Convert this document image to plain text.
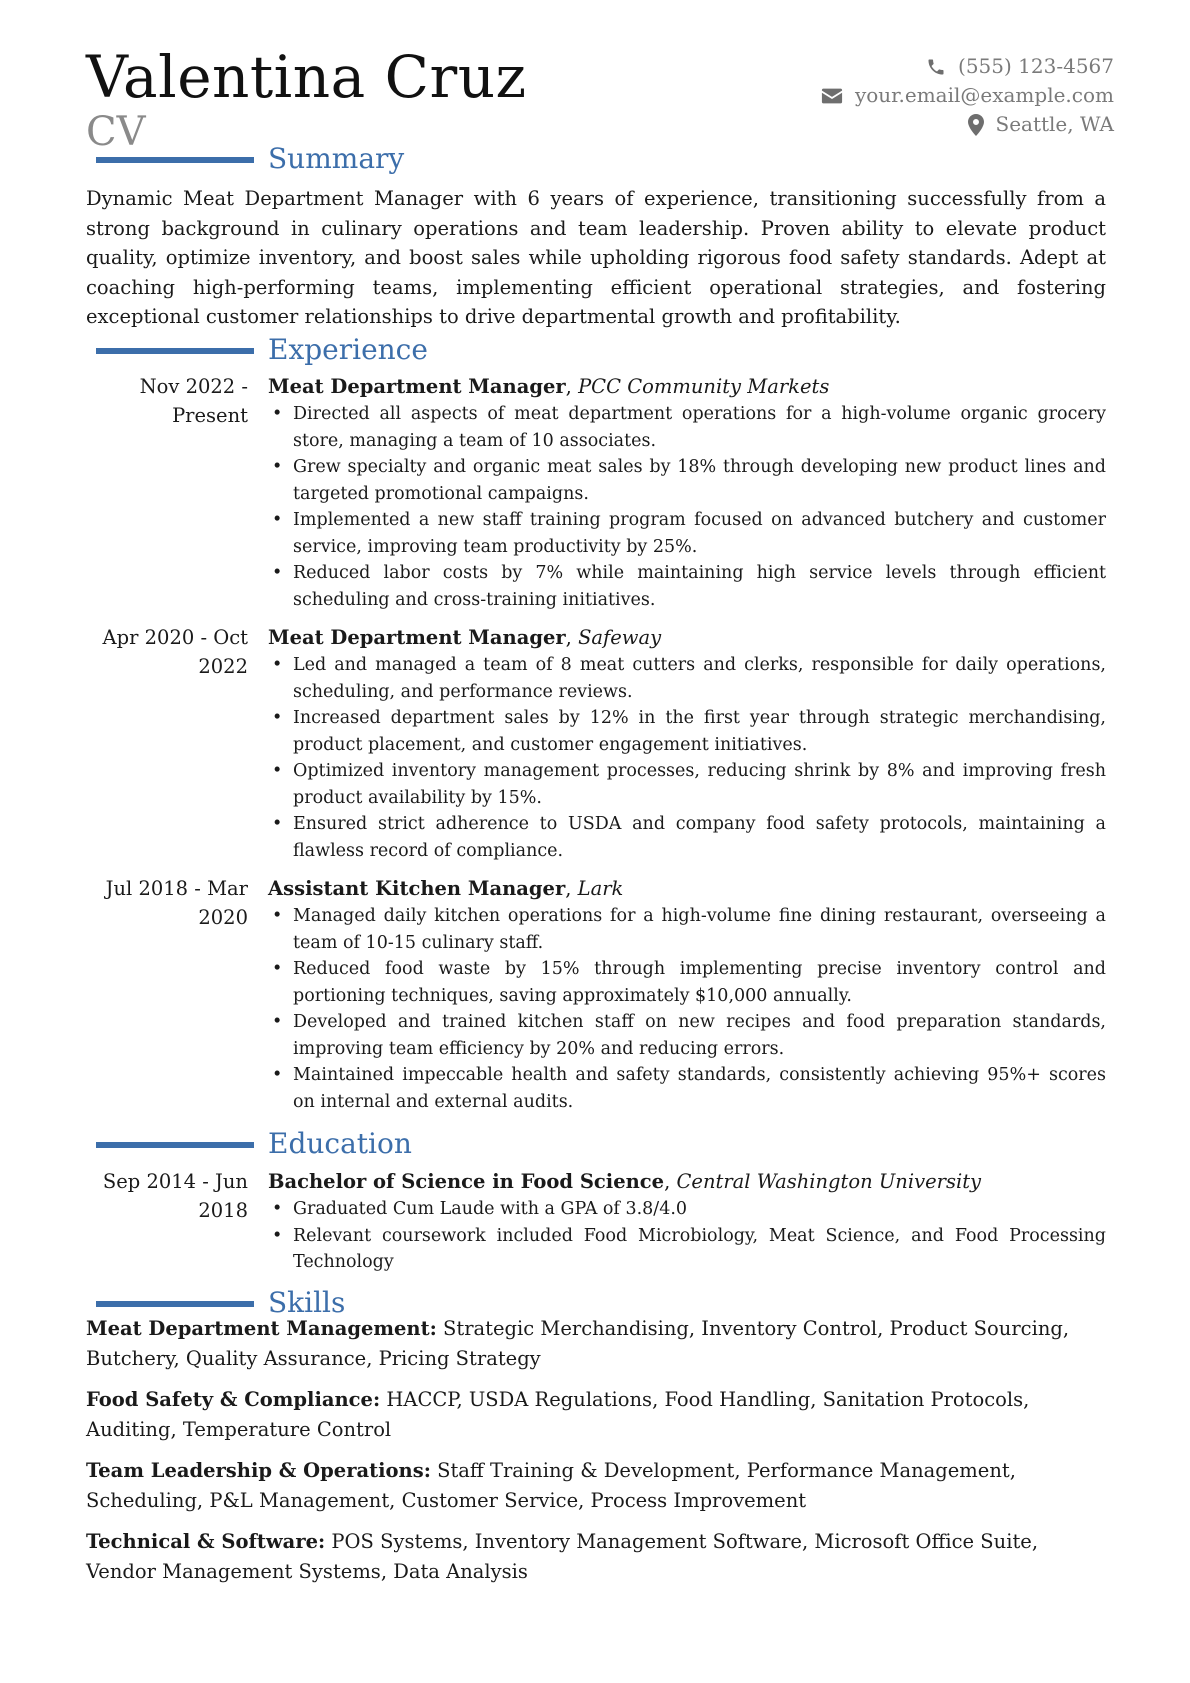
Valentina Cruz
CV
(555) 123-4567
your.email@example.com
Seattle, WA
Summary
Dynamic Meat Department Manager with 6 years of experience, transitioning successfully from a strong background in culinary operations and team leadership. Proven ability to elevate product quality, optimize inventory, and boost sales while upholding rigorous food safety standards. Adept at coaching high-performing teams, implementing efficient operational strategies, and fostering exceptional customer relationships to drive departmental growth and profitability.
Experience
Nov 2022 - Present
Meat Department Manager, PCC Community Markets
• Directed all aspects of meat department operations for a high-volume organic grocery store, managing a team of 10 associates.
• Grew specialty and organic meat sales by 18% through developing new product lines and targeted promotional campaigns.
• Implemented a new staff training program focused on advanced butchery and customer service, improving team productivity by 25%.
• Reduced labor costs by 7% while maintaining high service levels through efficient scheduling and cross-training initiatives.
Apr 2020 - Oct 2022
Meat Department Manager, Safeway
• Led and managed a team of 8 meat cutters and clerks, responsible for daily operations, scheduling, and performance reviews.
• Increased department sales by 12% in the first year through strategic merchandising, product placement, and customer engagement initiatives.
• Optimized inventory management processes, reducing shrink by 8% and improving fresh product availability by 15%.
• Ensured strict adherence to USDA and company food safety protocols, maintaining a flawless record of compliance.
Jul 2018 - Mar 2020
Assistant Kitchen Manager, Lark
• Managed daily kitchen operations for a high-volume fine dining restaurant, overseeing a team of 10-15 culinary staff.
• Reduced food waste by 15% through implementing precise inventory control and portioning techniques, saving approximately $10,000 annually.
• Developed and trained kitchen staff on new recipes and food preparation standards, improving team efficiency by 20% and reducing errors.
• Maintained impeccable health and safety standards, consistently achieving 95%+ scores on internal and external audits.
Education
Sep 2014 - Jun 2018
Bachelor of Science in Food Science, Central Washington University
• Graduated Cum Laude with a GPA of 3.8/4.0
• Relevant coursework included Food Microbiology, Meat Science, and Food Processing Technology
Skills
Meat Department Management: Strategic Merchandising, Inventory Control, Product Sourcing, Butchery, Quality Assurance, Pricing Strategy
Food Safety & Compliance: HACCP, USDA Regulations, Food Handling, Sanitation Protocols, Auditing, Temperature Control
Team Leadership & Operations: Staff Training & Development, Performance Management, Scheduling, P&L Management, Customer Service, Process Improvement
Technical & Software: POS Systems, Inventory Management Software, Microsoft Office Suite, Vendor Management Systems, Data Analysis
